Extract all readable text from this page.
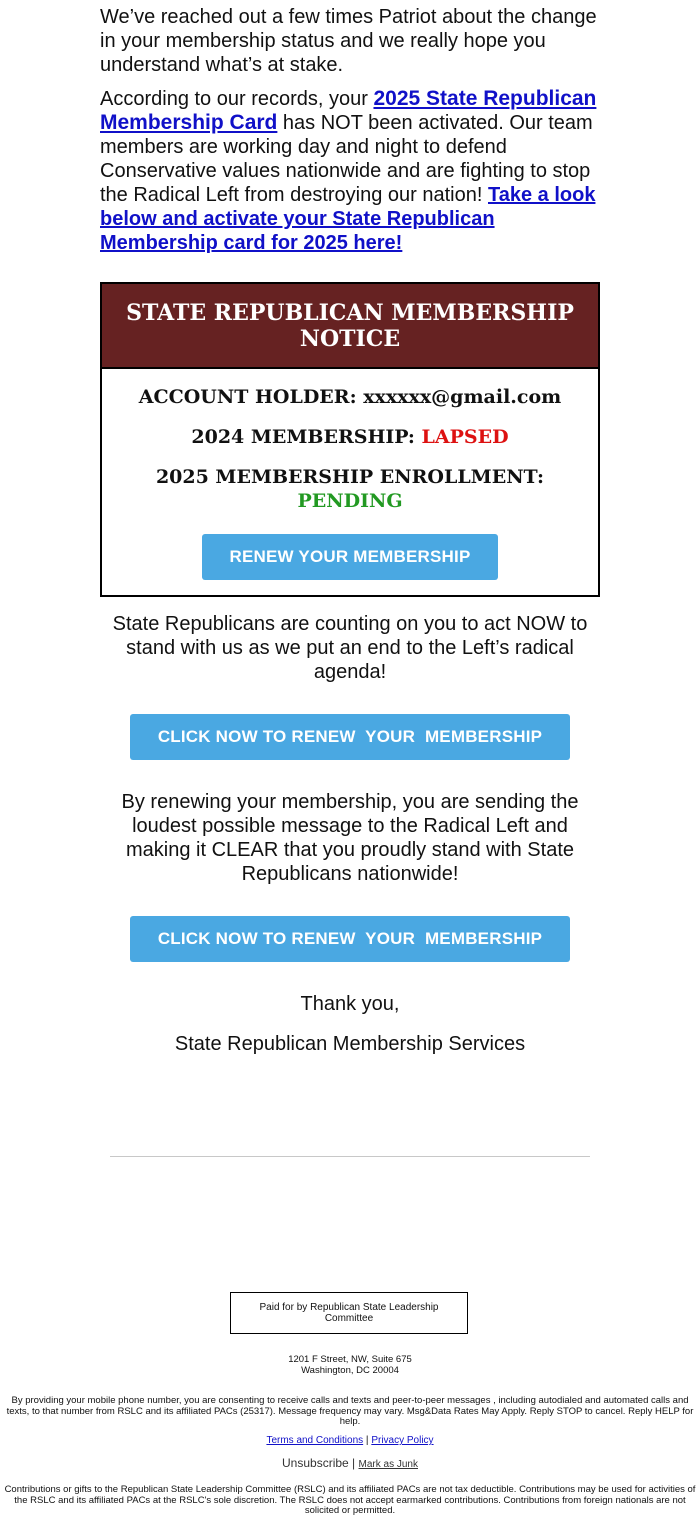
We’ve reached out a few times Patriot about the change in your membership status and we really hope you understand what’s at stake.

According to our records, your 2025 State Republican Membership Card has NOT been activated. Our team members are working day and night to defend Conservative values nationwide and are fighting to stop the Radical Left from destroying our nation! Take a look below and activate your State Republican Membership card for 2025 here!

STATE REPUBLICAN MEMBERSHIP NOTICE
ACCOUNT HOLDER: xxxxxx@gmail.com
2024 MEMBERSHIP: LAPSED
2025 MEMBERSHIP ENROLLMENT:
PENDING
RENEW YOUR MEMBERSHIP

State Republicans are counting on you to act NOW to stand with us as we put an end to the Left’s radical agenda!

CLICK NOW TO RENEW  YOUR  MEMBERSHIP

By renewing your membership, you are sending the loudest possible message to the Radical Left and making it CLEAR that you proudly stand with State Republicans nationwide!

CLICK NOW TO RENEW  YOUR  MEMBERSHIP

Thank you,

State Republican Membership Services

Paid for by Republican State Leadership Committee

1201 F Street, NW, Suite 675
Washington, DC 20004

By providing your mobile phone number, you are consenting to receive calls and texts and peer-to-peer messages , including autodialed and automated calls and texts, to that number from RSLC and its affiliated PACs (25317). Message frequency may vary. Msg&Data Rates May Apply. Reply STOP to cancel. Reply HELP for help.

Terms and Conditions | Privacy Policy

Unsubscribe | Mark as Junk

Contributions or gifts to the Republican State Leadership Committee (RSLC) and its affiliated PACs are not tax deductible. Contributions may be used for activities of the RSLC and its affiliated PACs at the RSLC's sole discretion. The RSLC does not accept earmarked contributions. Contributions from foreign nationals are not solicited or permitted.
